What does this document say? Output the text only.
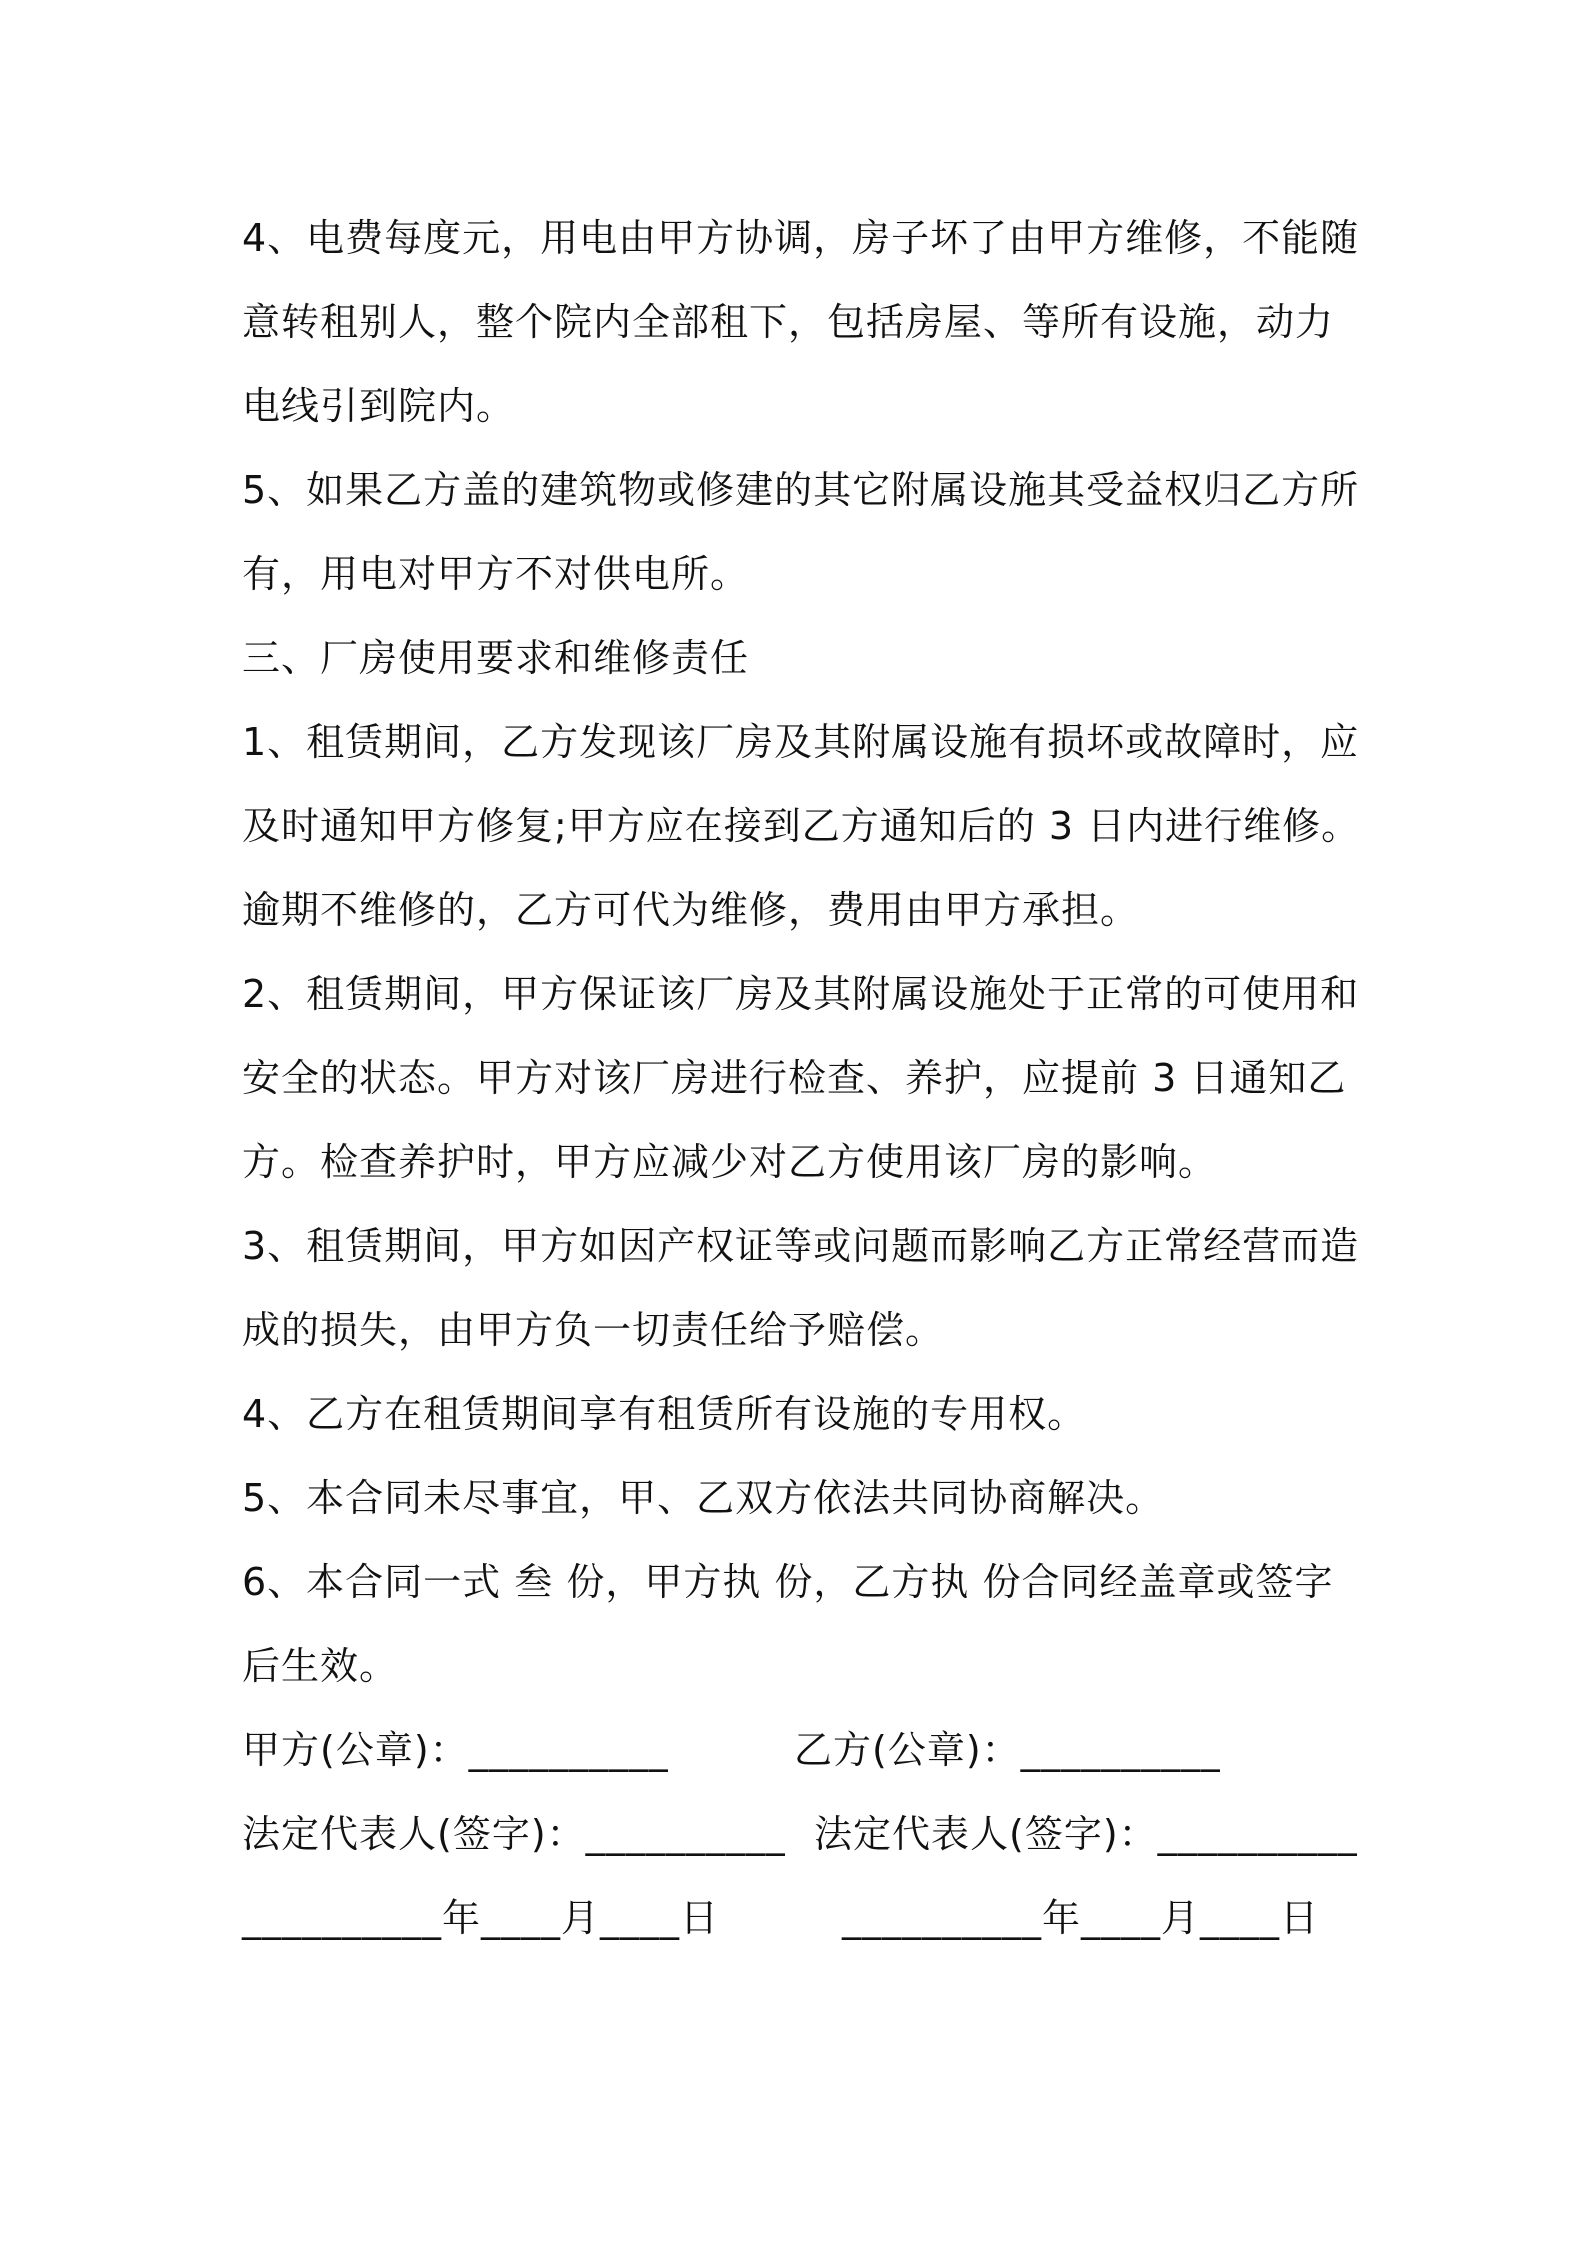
4、电费每度元，用电由甲方协调，房子坏了由甲方维修，不能随意转租别人，整个院内全部租下，包括房屋、等所有设施，动力电线引到院内。

5、如果乙方盖的建筑物或修建的其它附属设施其受益权归乙方所有，用电对甲方不对供电所。

三、厂房使用要求和维修责任

1、租赁期间，乙方发现该厂房及其附属设施有损坏或故障时，应及时通知甲方修复;甲方应在接到乙方通知后的 3 日内进行维修。逾期不维修的，乙方可代为维修，费用由甲方承担。

2、租赁期间，甲方保证该厂房及其附属设施处于正常的可使用和安全的状态。甲方对该厂房进行检查、养护，应提前 3 日通知乙方。检查养护时，甲方应减少对乙方使用该厂房的影响。

3、租赁期间，甲方如因产权证等或问题而影响乙方正常经营而造成的损失，由甲方负一切责任给予赔偿。

4、乙方在租赁期间享有租赁所有设施的专用权。

5、本合同未尽事宜，甲、乙双方依法共同协商解决。

6、本合同一式 叁 份，甲方执 份，乙方执 份合同经盖章或签字后生效。

甲方(公章)：__________

	乙方(公章)：__________

法定代表人(签字)：__________

法定代表人(签字)：__________

__________年____月____日

	__________年____月____日
